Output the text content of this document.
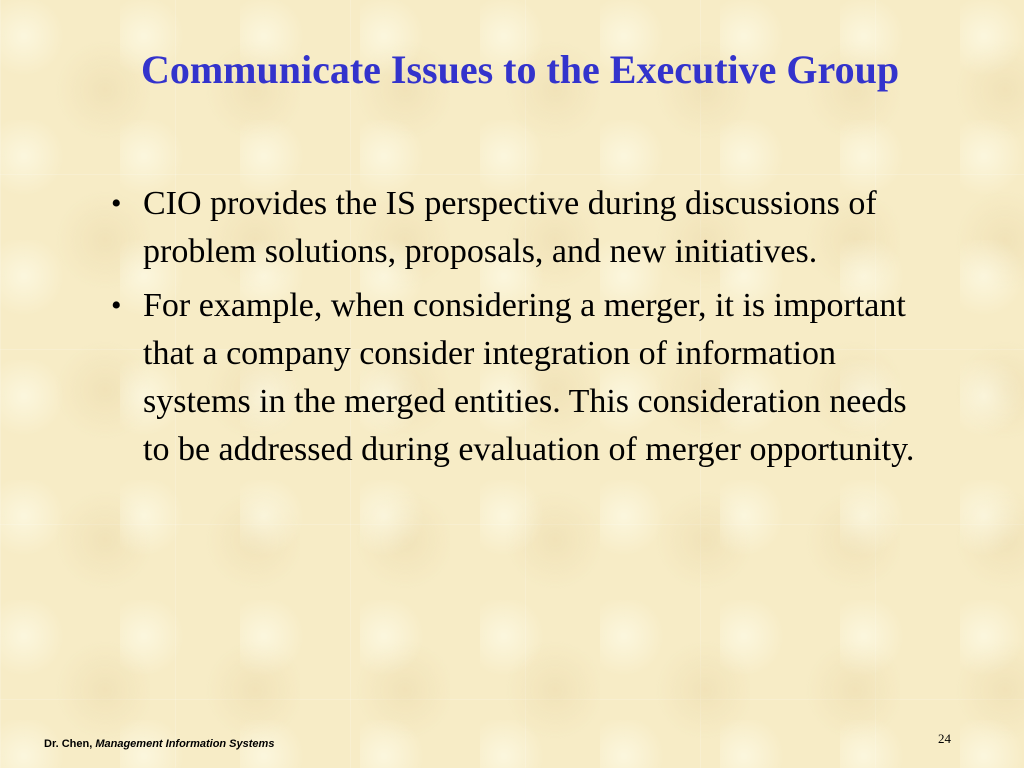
Communicate Issues to the Executive Group
• CIO provides the IS perspective during discussions of problem solutions, proposals, and new initiatives.
• For example, when considering a merger, it is important that a company consider integration of information systems in the merged entities. This consideration needs to be addressed during evaluation of merger opportunity.
Dr. Chen, Management Information Systems	24
